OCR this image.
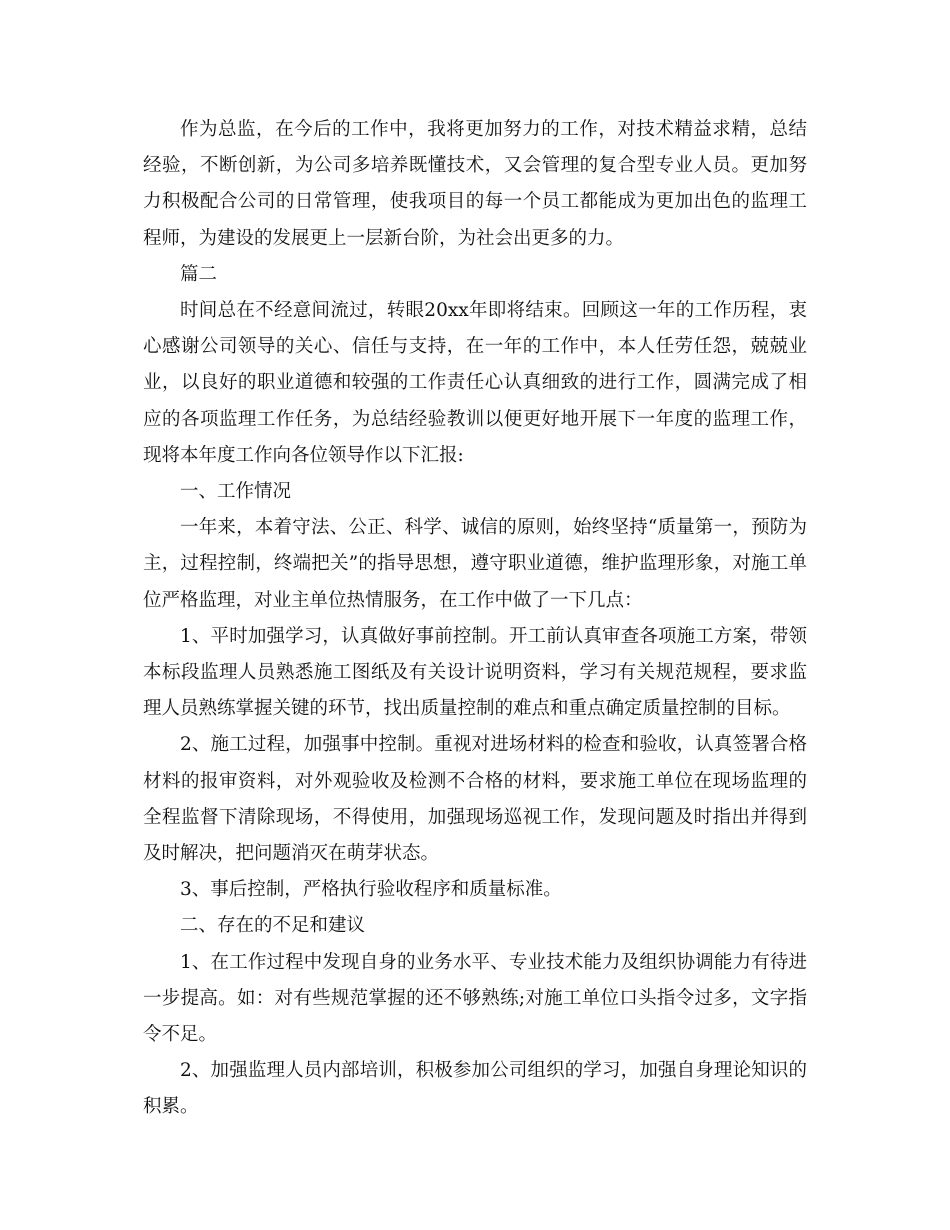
作为总监，在今后的工作中，我将更加努力的工作，对技术精益求精，总结经验，不断创新，为公司多培养既懂技术，又会管理的复合型专业人员。更加努力积极配合公司的日常管理，使我项目的每一个员工都能成为更加出色的监理工程师，为建设的发展更上一层新台阶，为社会出更多的力。

篇二

时间总在不经意间流过，转眼20xx年即将结束。回顾这一年的工作历程，衷心感谢公司领导的关心、信任与支持，在一年的工作中，本人任劳任怨，兢兢业业，以良好的职业道德和较强的工作责任心认真细致的进行工作，圆满完成了相应的各项监理工作任务，为总结经验教训以便更好地开展下一年度的监理工作，现将本年度工作向各位领导作以下汇报:

一、工作情况

一年来，本着守法、公正、科学、诚信的原则，始终坚持“质量第一，预防为主，过程控制，终端把关”的指导思想，遵守职业道德，维护监理形象，对施工单位严格监理，对业主单位热情服务，在工作中做了一下几点：

1、平时加强学习，认真做好事前控制。开工前认真审查各项施工方案，带领本标段监理人员熟悉施工图纸及有关设计说明资料，学习有关规范规程，要求监理人员熟练掌握关键的环节，找出质量控制的难点和重点确定质量控制的目标。

2、施工过程，加强事中控制。重视对进场材料的检查和验收，认真签署合格材料的报审资料，对外观验收及检测不合格的材料，要求施工单位在现场监理的全程监督下清除现场，不得使用，加强现场巡视工作，发现问题及时指出并得到及时解决，把问题消灭在萌芽状态。

3、事后控制，严格执行验收程序和质量标准。

二、存在的不足和建议

1、在工作过程中发现自身的业务水平、专业技术能力及组织协调能力有待进一步提高。如：对有些规范掌握的还不够熟练;对施工单位口头指令过多，文字指令不足。

2、加强监理人员内部培训，积极参加公司组织的学习，加强自身理论知识的积累。
